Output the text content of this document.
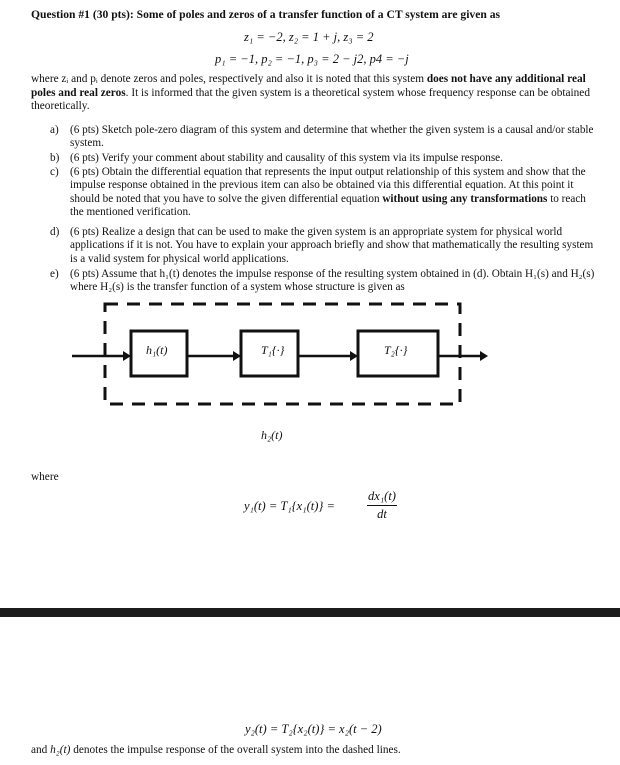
Question #1 (30 pts): Some of poles and zeros of a transfer function of a CT system are given as
z₁ = −2, z₂ = 1 + j, z₃ = 2
p₁ = −1, p₂ = −1, p₃ = 2 − j2, p4 = −j
where zᵢ and pᵢ denote zeros and poles, respectively and also it is noted that this system does not have any additional real poles and real zeros. It is informed that the given system is a theoretical system whose frequency response can be obtained theoretically.
a)	(6 pts) Sketch pole-zero diagram of this system and determine that whether the given system is a causal and/or stable system.
b) (6 pts) Verify your comment about stability and causality of this system via its impulse response.
c)	(6 pts) Obtain the differential equation that represents the input output relationship of this system and show that the impulse response obtained in the previous item can also be obtained via this differential equation. At this point it should be noted that you have to solve the given differential equation without using any transformations to reach the mentioned verification.
d) (6 pts) Realize a design that can be used to make the given system is an appropriate system for physical world applications if it is not. You have to explain your approach briefly and show that mathematically the resulting system is a valid system for physical world applications.
e)	(6 pts) Assume that h₁(t) denotes the impulse response of the resulting system obtained in (d). Obtain H₁(s) and H₂(s) where H₂(s) is the transfer function of a system whose structure is given as
h₁(t)	T₁{·}	T₂{·}
h₂(t)
where
y₁(t) = T₁{x₁(t)} =
dx₁(t)
dt
y₂(t) = T₂{x₂(t)} = x₂(t − 2)
and h₂(t) denotes the impulse response of the overall system into the dashed lines.
